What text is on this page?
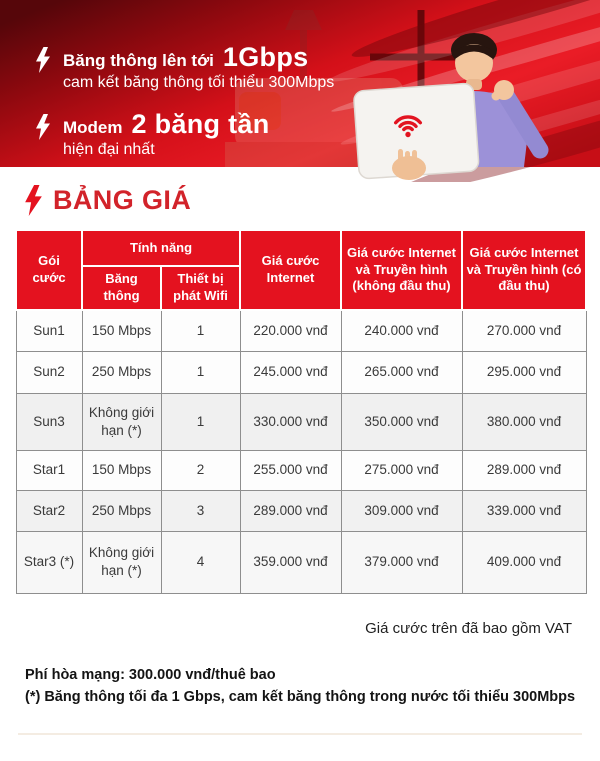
Băng thông lên tới 1Gbps
cam kết băng thông tối thiểu 300Mbps
Modem 2 băng tần
hiện đại nhất
BẢNG GIÁ
Gói cước	Tính năng		Giá cước Internet	Giá cước Internet và Truyền hình (không đầu thu)	Giá cước Internet và Truyền hình (có đầu thu)
	Băng thông	Thiết bị phát Wifi			
Sun1	150 Mbps	1	220.000 vnđ	240.000 vnđ	270.000 vnđ
Sun2	250 Mbps	1	245.000 vnđ	265.000 vnđ	295.000 vnđ
Sun3	Không giới hạn (*)	1	330.000 vnđ	350.000 vnđ	380.000 vnđ
Star1	150 Mbps	2	255.000 vnđ	275.000 vnđ	289.000 vnđ
Star2	250 Mbps	3	289.000 vnđ	309.000 vnđ	339.000 vnđ
Star3 (*)	Không giới hạn (*)	4	359.000 vnđ	379.000 vnđ	409.000 vnđ
Giá cước trên đã bao gồm VAT
Phí hòa mạng: 300.000 vnđ/thuê bao
(*) Băng thông tối đa 1 Gbps, cam kết băng thông trong nước tối thiểu 300Mbps
